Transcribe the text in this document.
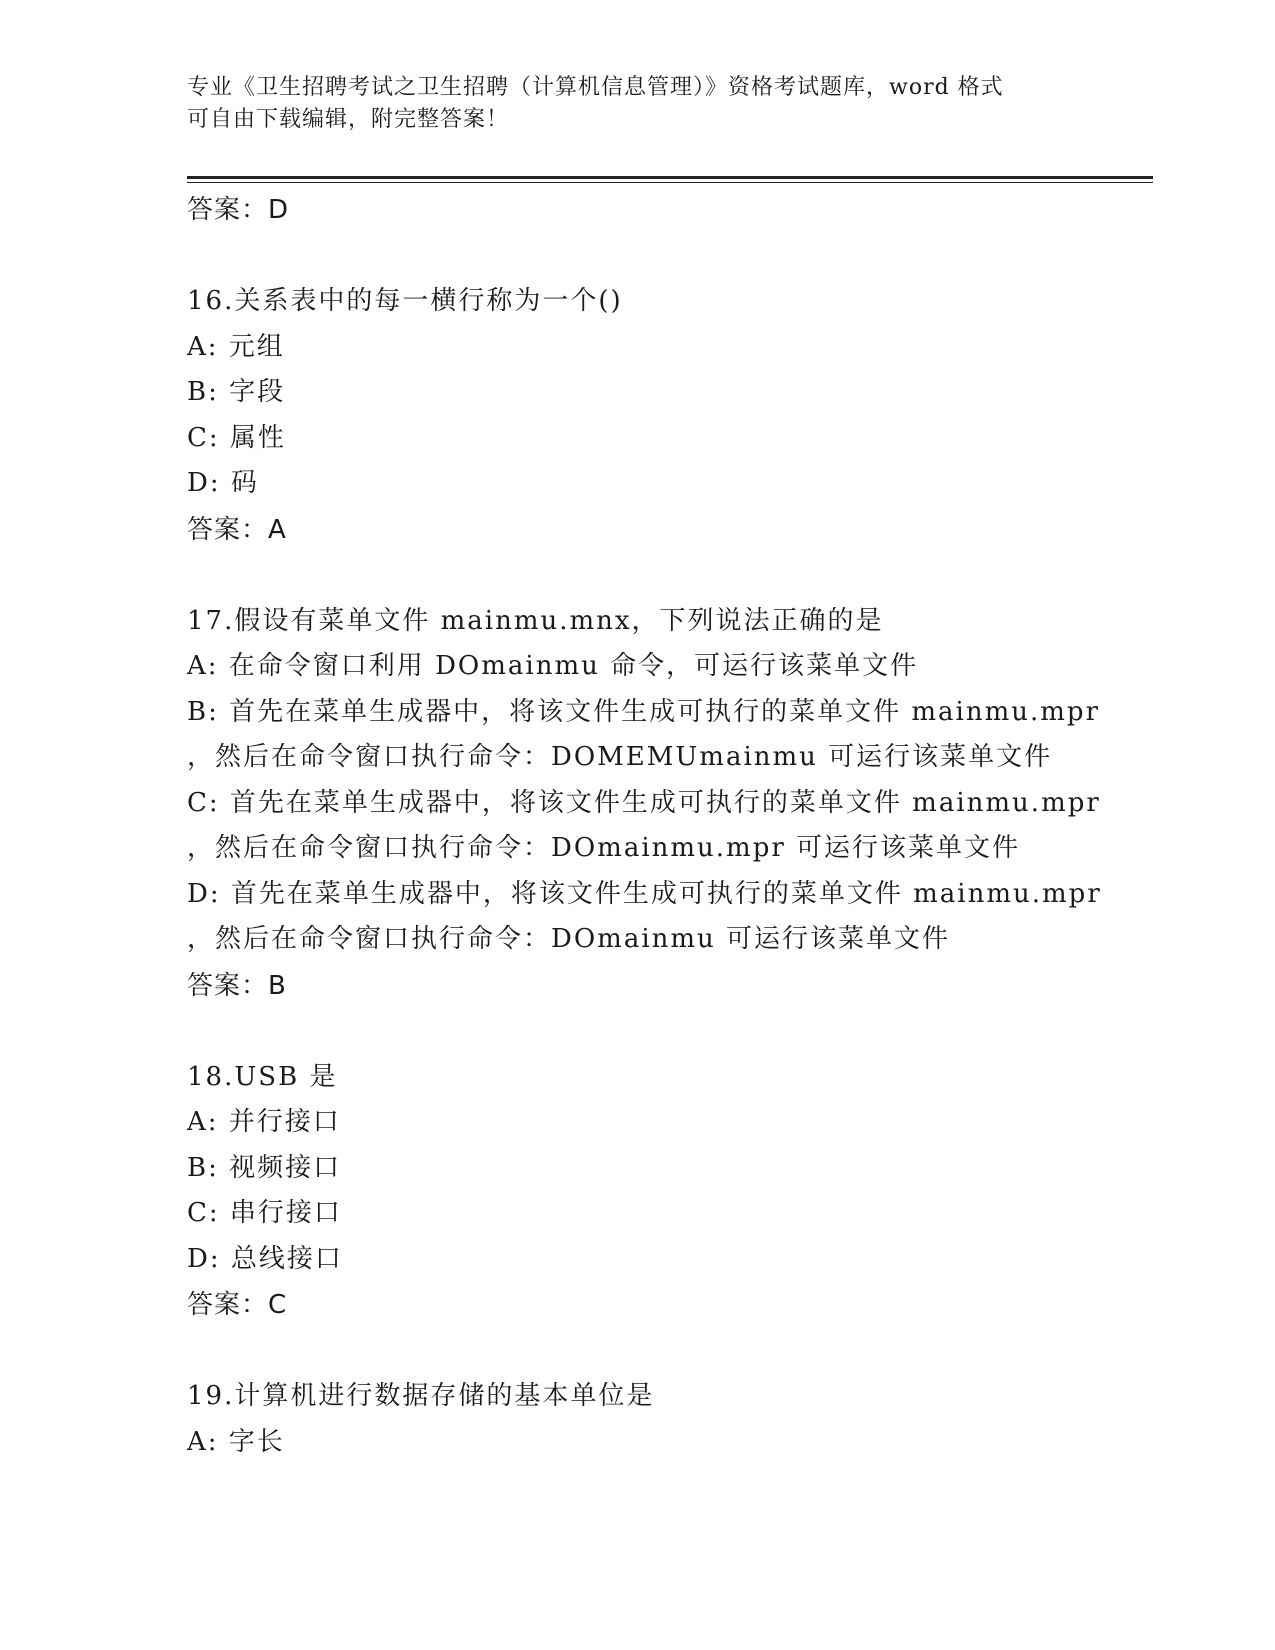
专业《卫生招聘考试之卫生招聘（计算机信息管理）》资格考试题库，word 格式
可自由下载编辑，附完整答案！

答案：D

16.关系表中的每一横行称为一个()

A: 元组

B: 字段

C: 属性

D: 码

答案：A

17.假设有菜单文件 mainmu.mnx，下列说法正确的是

A: 在命令窗口利用 DOmainmu 命令，可运行该菜单文件

B: 首先在菜单生成器中，将该文件生成可执行的菜单文件 mainmu.mpr

，然后在命令窗口执行命令：DOMEMUmainmu 可运行该菜单文件

C: 首先在菜单生成器中，将该文件生成可执行的菜单文件 mainmu.mpr

，然后在命令窗口执行命令：DOmainmu.mpr 可运行该菜单文件

D: 首先在菜单生成器中，将该文件生成可执行的菜单文件 mainmu.mpr

，然后在命令窗口执行命令：DOmainmu 可运行该菜单文件

答案：B

18.USB 是

A: 并行接口

B: 视频接口

C: 串行接口

D: 总线接口

答案：C

19.计算机进行数据存储的基本单位是

A: 字长
